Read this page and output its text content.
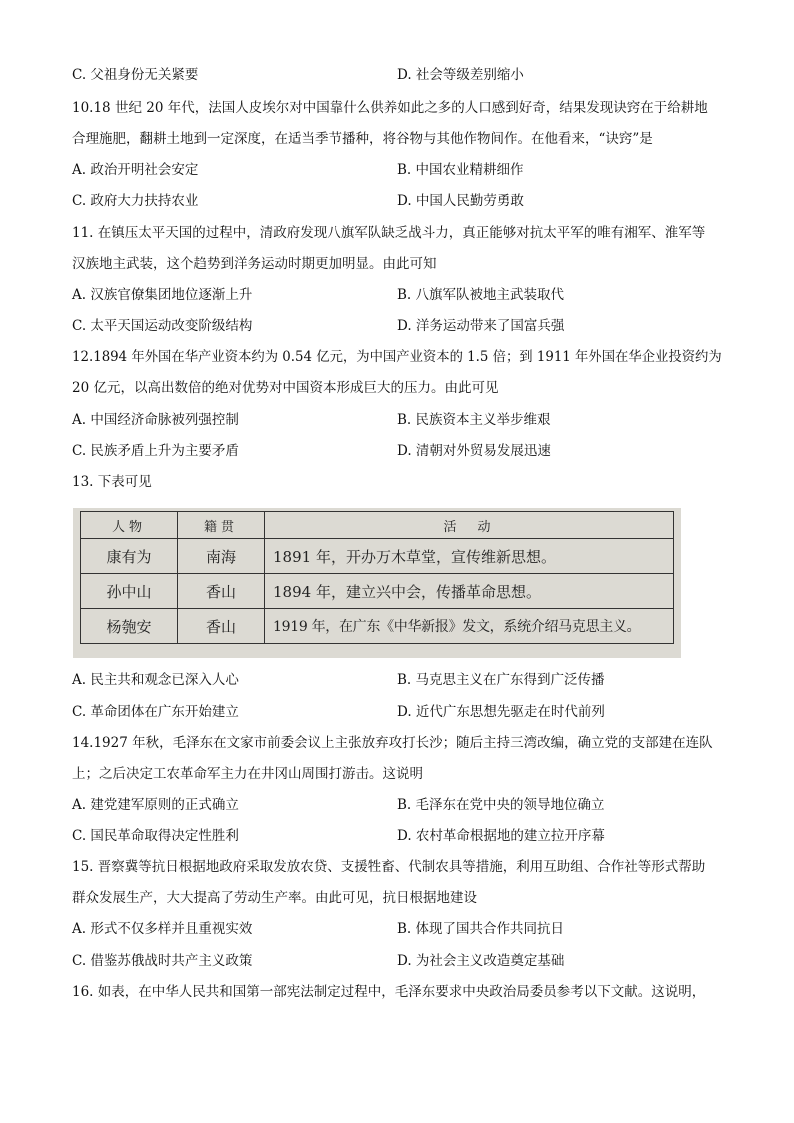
C. 父祖身份无关紧要	D. 社会等级差别缩小
10.18 世纪 20 年代，法国人皮埃尔对中国靠什么供养如此之多的人口感到好奇，结果发现诀窍在于给耕地
合理施肥，翻耕土地到一定深度，在适当季节播种，将谷物与其他作物间作。在他看来，“诀窍”是
A. 政治开明社会安定	B. 中国农业精耕细作
C. 政府大力扶持农业	D. 中国人民勤劳勇敢
11. 在镇压太平天国的过程中，清政府发现八旗军队缺乏战斗力，真正能够对抗太平军的唯有湘军、淮军等
汉族地主武装，这个趋势到洋务运动时期更加明显。由此可知
A. 汉族官僚集团地位逐渐上升	B. 八旗军队被地主武装取代
C. 太平天国运动改变阶级结构	D. 洋务运动带来了国富兵强
12.1894 年外国在华产业资本约为 0.54 亿元，为中国产业资本的 1.5 倍；到 1911 年外国在华企业投资约为
20 亿元，以高出数倍的绝对优势对中国资本形成巨大的压力。由此可见
A. 中国经济命脉被列强控制	B. 民族资本主义举步维艰
C. 民族矛盾上升为主要矛盾	D. 清朝对外贸易发展迅速
13. 下表可见
人物	籍贯	活　动
康有为	南海	1891 年，开办万木草堂，宣传维新思想。
孙中山	香山	1894 年，建立兴中会，传播革命思想。
杨匏安	香山	1919 年，在广东《中华新报》发文，系统介绍马克思主义。
A. 民主共和观念已深入人心	B. 马克思主义在广东得到广泛传播
C. 革命团体在广东开始建立	D. 近代广东思想先驱走在时代前列
14.1927 年秋，毛泽东在文家市前委会议上主张放弃攻打长沙；随后主持三湾改编，确立党的支部建在连队
上；之后决定工农革命军主力在井冈山周围打游击。这说明
A. 建党建军原则的正式确立	B. 毛泽东在党中央的领导地位确立
C. 国民革命取得决定性胜利	D. 农村革命根据地的建立拉开序幕
15. 晋察冀等抗日根据地政府采取发放农贷、支援牲畜、代制农具等措施，利用互助组、合作社等形式帮助
群众发展生产，大大提高了劳动生产率。由此可见，抗日根据地建设
A. 形式不仅多样并且重视实效	B. 体现了国共合作共同抗日
C. 借鉴苏俄战时共产主义政策	D. 为社会主义改造奠定基础
16. 如表，在中华人民共和国第一部宪法制定过程中，毛泽东要求中央政治局委员参考以下文献。这说明，
